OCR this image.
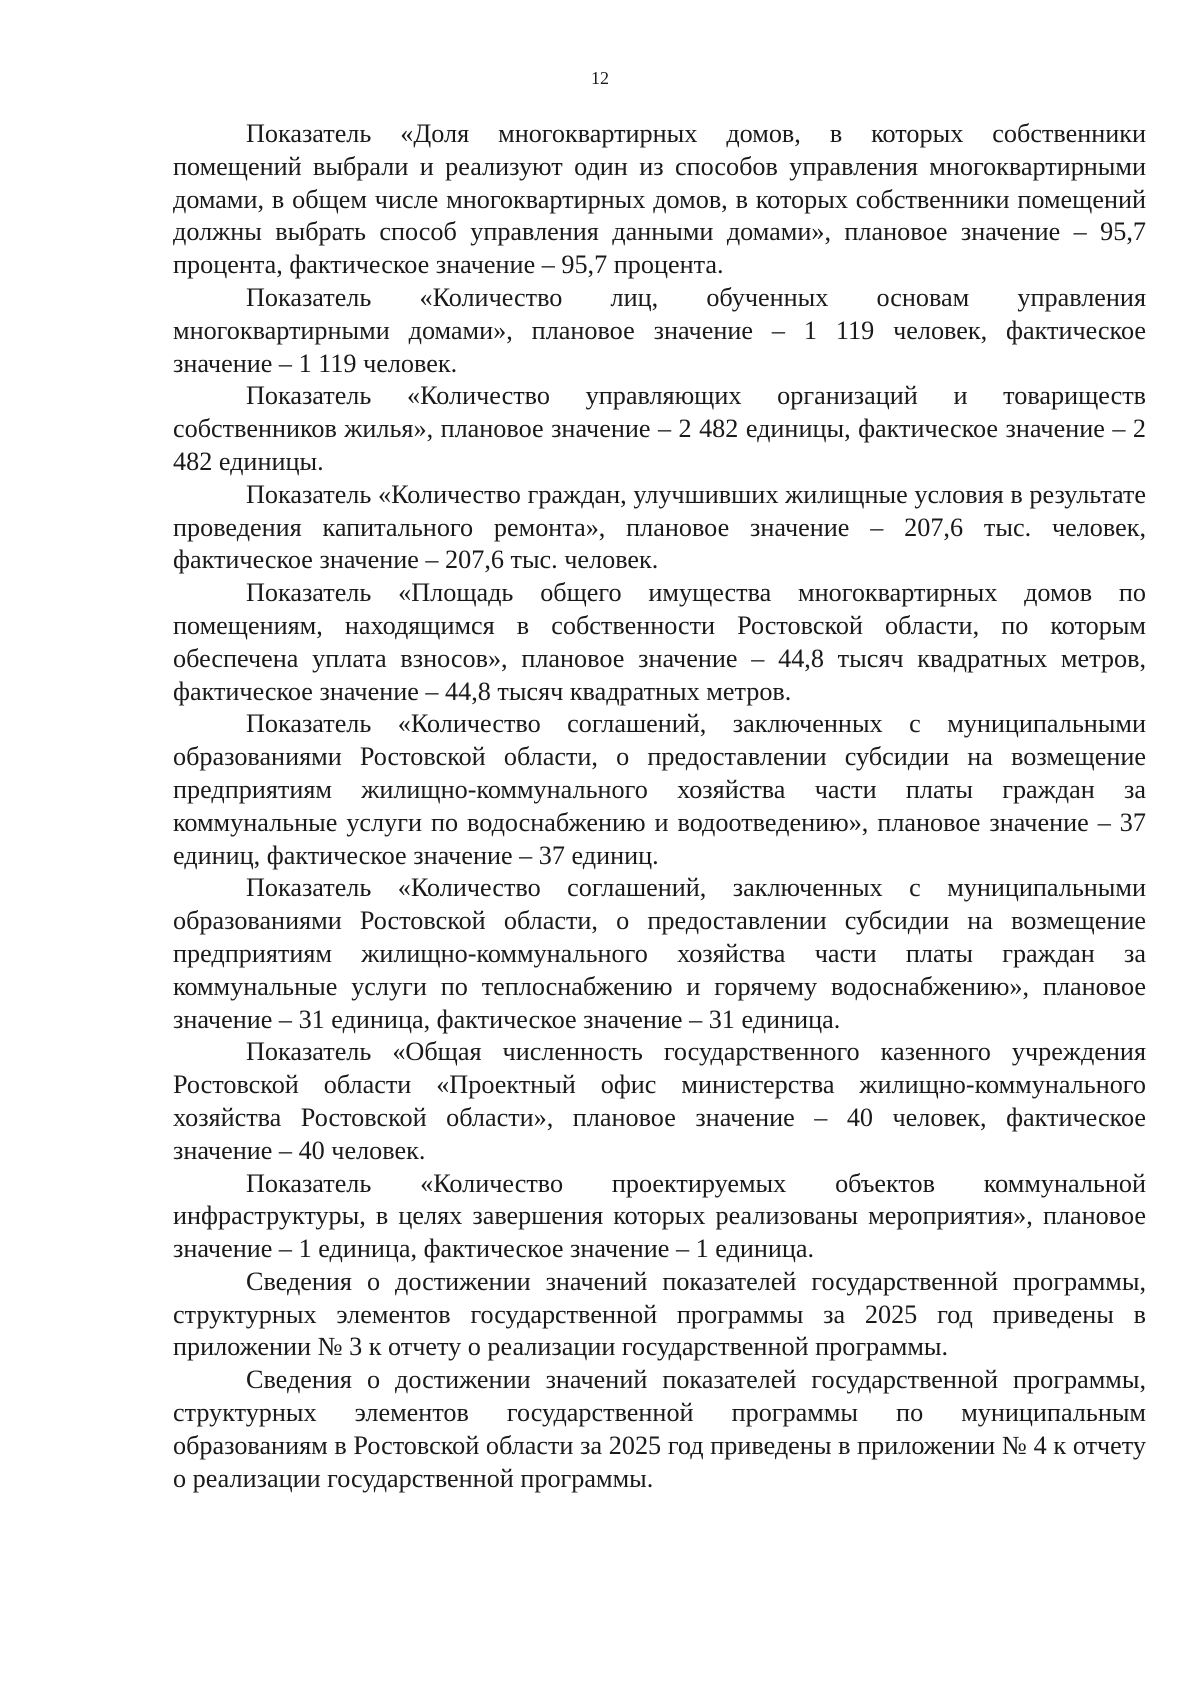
12

Показатель «Доля многоквартирных домов, в которых собственники помещений выбрали и реализуют один из способов управления многоквартирными домами, в общем числе многоквартирных домов, в которых собственники помещений должны выбрать способ управления данными домами», плановое значение – 95,7 процента, фактическое значение – 95,7 процента.

Показатель «Количество лиц, обученных основам управления многоквартирными домами», плановое значение – 1 119 человек, фактическое значение – 1 119 человек.

Показатель «Количество управляющих организаций и товариществ собственников жилья», плановое значение – 2 482 единицы, фактическое значение – 2 482 единицы.

Показатель «Количество граждан, улучшивших жилищные условия в результате проведения капитального ремонта», плановое значение – 207,6 тыс. человек, фактическое значение – 207,6 тыс. человек.

Показатель «Площадь общего имущества многоквартирных домов по помещениям, находящимся в собственности Ростовской области, по которым обеспечена уплата взносов», плановое значение – 44,8 тысяч квадратных метров, фактическое значение – 44,8 тысяч квадратных метров.

Показатель «Количество соглашений, заключенных с муниципальными образованиями Ростовской области, о предоставлении субсидии на возмещение предприятиям жилищно-коммунального хозяйства части платы граждан за коммунальные услуги по водоснабжению и водоотведению», плановое значение – 37 единиц, фактическое значение – 37 единиц.

Показатель «Количество соглашений, заключенных с муниципальными образованиями Ростовской области, о предоставлении субсидии на возмещение предприятиям жилищно-коммунального хозяйства части платы граждан за коммунальные услуги по теплоснабжению и горячему водоснабжению», плановое значение – 31 единица, фактическое значение – 31 единица.

Показатель «Общая численность государственного казенного учреждения Ростовской области «Проектный офис министерства жилищно-коммунального хозяйства Ростовской области», плановое значение – 40 человек, фактическое значение – 40 человек.

Показатель «Количество проектируемых объектов коммунальной инфраструктуры, в целях завершения которых реализованы мероприятия», плановое значение – 1 единица, фактическое значение – 1 единица.

Сведения о достижении значений показателей государственной программы, структурных элементов государственной программы за 2025 год приведены в приложении № 3 к отчету о реализации государственной программы.

Сведения о достижении значений показателей государственной программы, структурных элементов государственной программы по муниципальным образованиям в Ростовской области за 2025 год приведены в приложении № 4 к отчету о реализации государственной программы.
